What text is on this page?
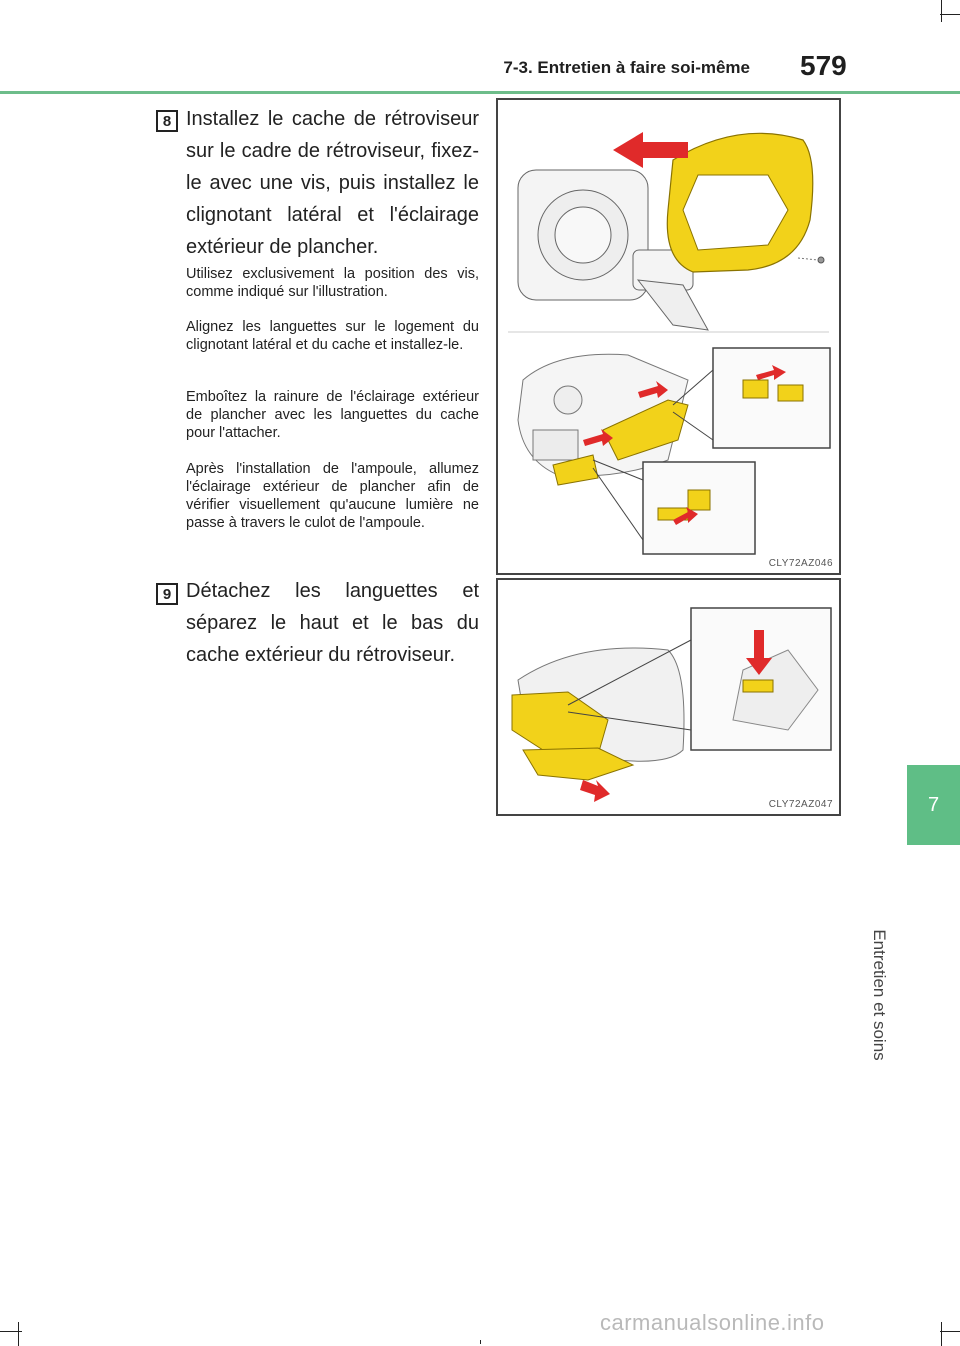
7-3. Entretien à faire soi-même 579
7
Entretien et soins
8 Installez le cache de rétroviseur sur le cadre de rétroviseur, fixez-le avec une vis, puis installez le clignotant latéral et l'éclairage extérieur de plancher.
Utilisez exclusivement la position des vis, comme indiqué sur l'illustration.
Alignez les languettes sur le logement du clignotant latéral et du cache et installez-le.
Emboîtez la rainure de l'éclairage extérieur de plancher avec les languettes du cache pour l'attacher.
Après l'installation de l'ampoule, allumez l'éclairage extérieur de plancher afin de vérifier visuellement qu'aucune lumière ne passe à travers le culot de l'ampoule.
CLY72AZ046
9 Détachez les languettes et séparez le haut et le bas du cache extérieur du rétroviseur.
CLY72AZ047
carmanualsonline.info
